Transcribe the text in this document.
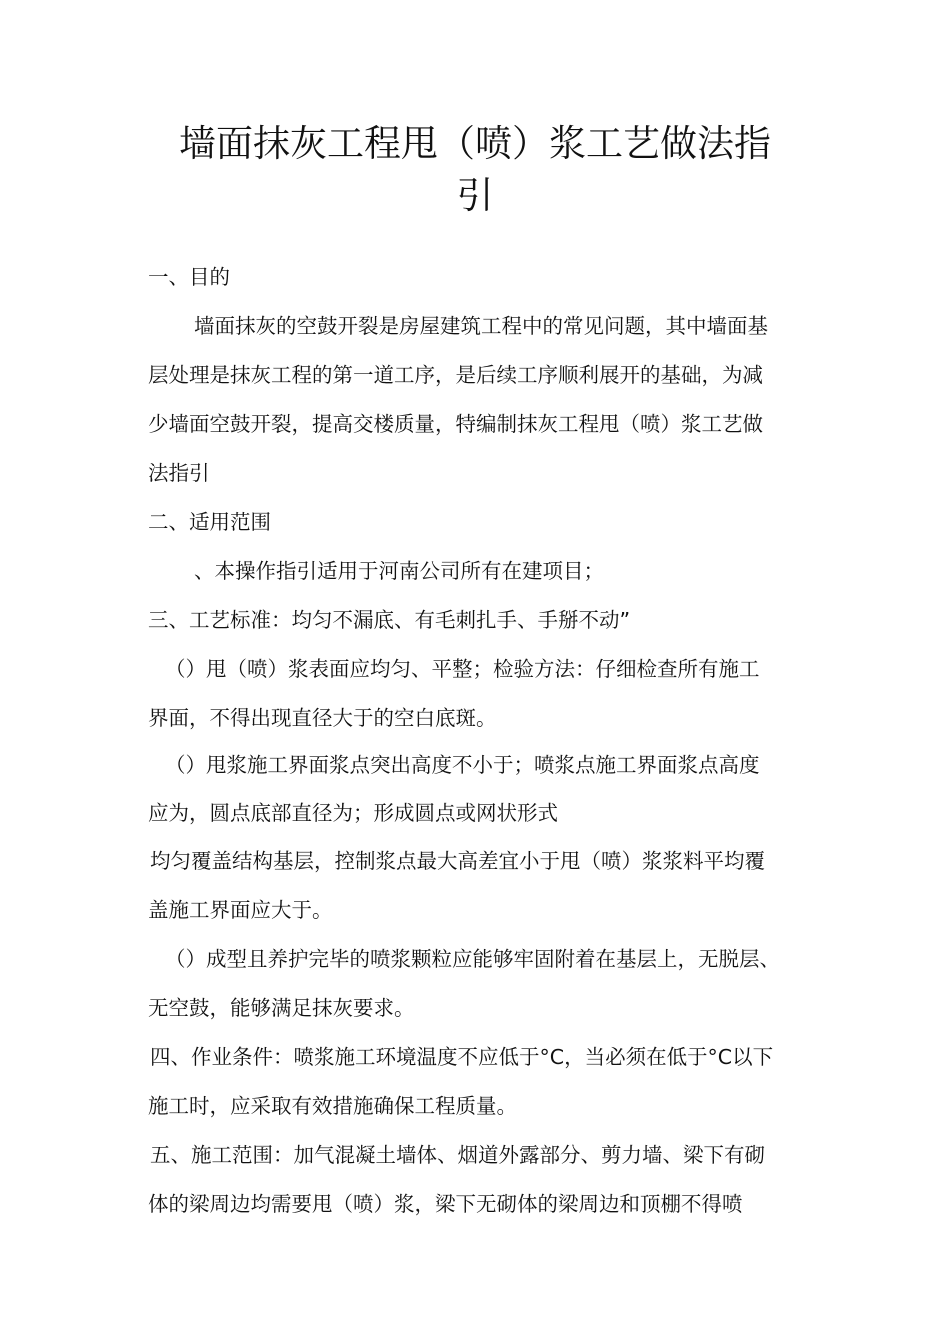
墙面抹灰工程甩（喷）浆工艺做法指
引

一、目的

墙面抹灰的空鼓开裂是房屋建筑工程中的常见问题，其中墙面基

层处理是抹灰工程的第一道工序，是后续工序顺利展开的基础，为减

少墙面空鼓开裂，提高交楼质量，特编制抹灰工程甩（喷）浆工艺做

法指引

二、适用范围

、本操作指引适用于河南公司所有在建项目；

三、工艺标准：均匀不漏底、有毛刺扎手、手掰不动”

（）甩（喷）浆表面应均匀、平整；检验方法：仔细检查所有施工

界面，不得出现直径大于的空白底斑。

（）甩浆施工界面浆点突出高度不小于；喷浆点施工界面浆点高度

应为，圆点底部直径为；形成圆点或网状形式

均匀覆盖结构基层，控制浆点最大高差宜小于甩（喷）浆浆料平均覆

盖施工界面应大于。

（）成型且养护完毕的喷浆颗粒应能够牢固附着在基层上，无脱层、

无空鼓，能够满足抹灰要求。

四、作业条件：喷浆施工环境温度不应低于°C，当必须在低于°C以下

施工时，应采取有效措施确保工程质量。

五、施工范围：加气混凝土墙体、烟道外露部分、剪力墙、梁下有砌

体的梁周边均需要甩（喷）浆，梁下无砌体的梁周边和顶棚不得喷
